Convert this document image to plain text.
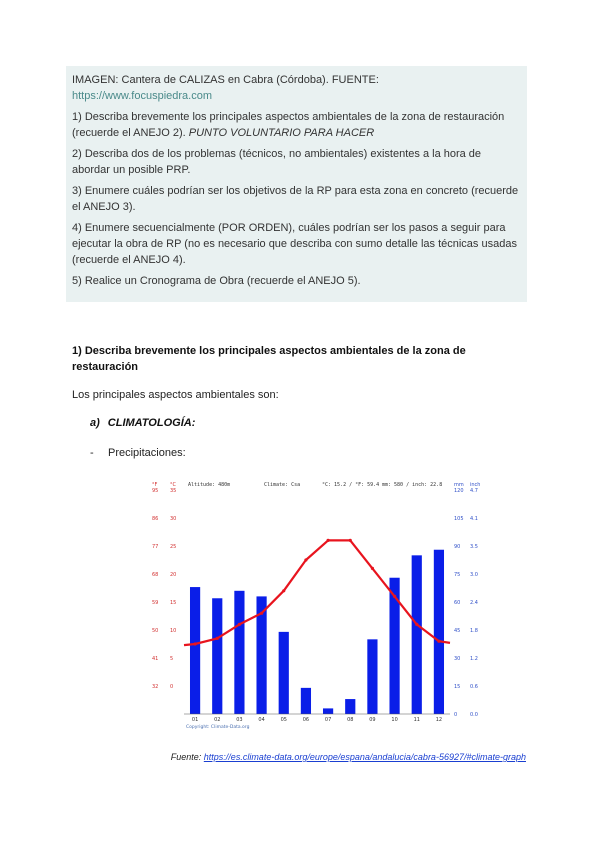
IMAGEN: Cantera de CALIZAS en Cabra (Córdoba). FUENTE:
https://www.focuspiedra.com

1) Describa brevemente los principales aspectos ambientales de la zona de restauración (recuerde el ANEJO 2). PUNTO VOLUNTARIO PARA HACER

2) Describa dos de los problemas (técnicos, no ambientales) existentes a la hora de abordar un posible PRP.

3) Enumere cuáles podrían ser los objetivos de la RP para esta zona en concreto (recuerde el ANEJO 3).

4) Enumere secuencialmente (POR ORDEN), cuáles podrían ser los pasos a seguir para ejecutar la obra de RP (no es necesario que describa con sumo detalle las técnicas usadas (recuerde el ANEJO 4).

5) Realice un Cronograma de Obra (recuerde el ANEJO 5).

1) Describa brevemente los principales aspectos ambientales de la zona de restauración
Los principales aspectos ambientales son:
a) CLIMATOLOGÍA:
- Precipitaciones:
Altitude: 480m	Climate: Csa	°C: 15.2 / °F: 59.4 mm: 580 / inch: 22.8
°F	°C	mm inch
95 35
86 30
77 25
68 20
59 15
50 10
41 5
32 0
120 4.7
105 4.1
90 3.5
75 3.0
60 2.4
45 1.8
30 1.2
15 0.6
0	0.0
01	02	03	04	05	06	07	08	09	10	11	12
Copyright: Climate-Data.org
Fuente: https://es.climate-data.org/europe/espana/andalucia/cabra-56927/#climate-graph
